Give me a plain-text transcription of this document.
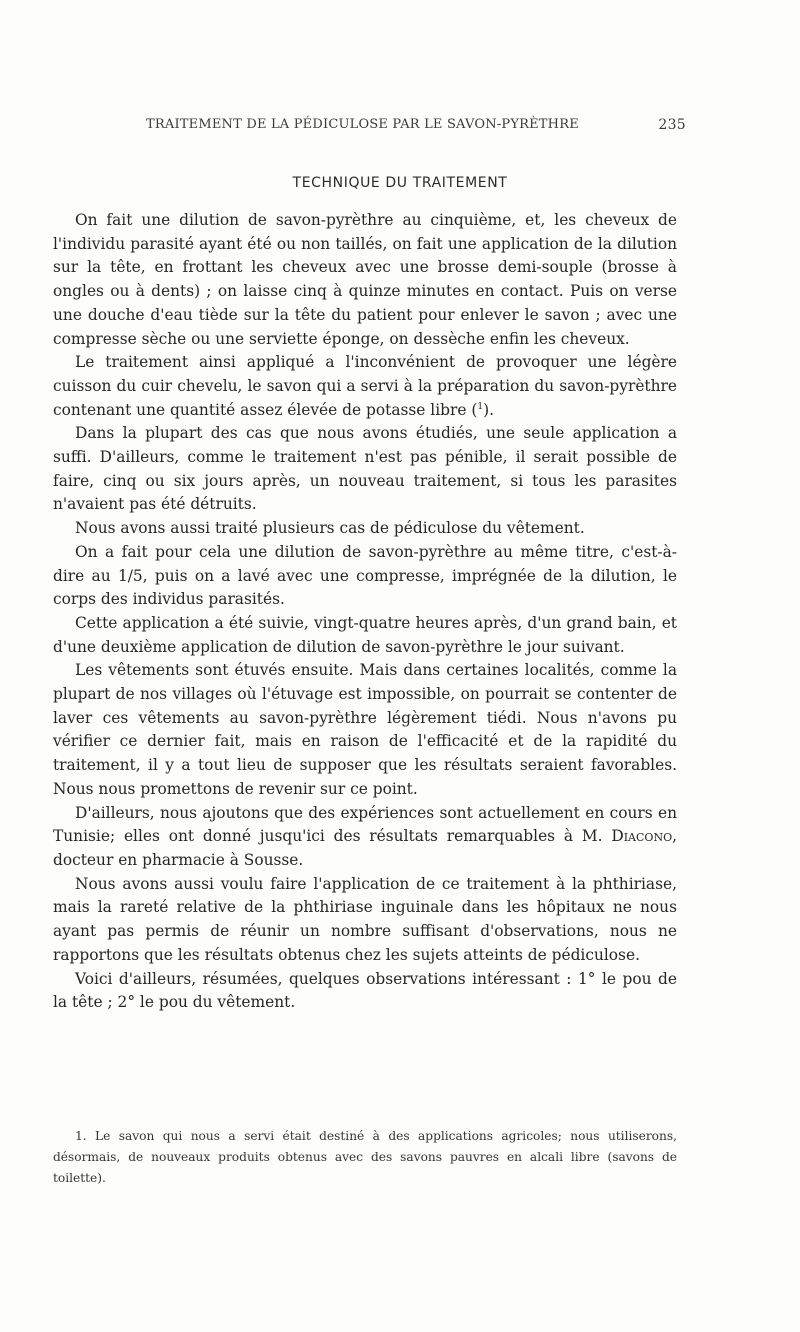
TRAITEMENT DE LA PÉDICULOSE PAR LE SAVON-PYRÈTHRE	235
TECHNIQUE DU TRAITEMENT

On fait une dilution de savon-pyrèthre au cinquième, et, les cheveux de l'individu parasité ayant été ou non taillés, on fait une application de la dilution sur la tête, en frottant les cheveux avec une brosse demi-souple (brosse à ongles ou à dents) ; on laisse cinq à quinze minutes en contact. Puis on verse une douche d'eau tiède sur la tête du patient pour enlever le savon ; avec une compresse sèche ou une serviette éponge, on dessèche enfin les cheveux.

Le traitement ainsi appliqué a l'inconvénient de provoquer une légère cuisson du cuir chevelu, le savon qui a servi à la préparation du savon-pyrèthre contenant une quantité assez élevée de potasse libre ($^1$).

Dans la plupart des cas que nous avons étudiés, une seule application a suffi. D'ailleurs, comme le traitement n'est pas pénible, il serait possible de faire, cinq ou six jours après, un nouveau traitement, si tous les parasites n'avaient pas été détruits.

Nous avons aussi traité plusieurs cas de pédiculose du vêtement.

On a fait pour cela une dilution de savon-pyrèthre au même titre, c'est-à-dire au 1/5, puis on a lavé avec une compresse, imprégnée de la dilution, le corps des individus parasités.

Cette application a été suivie, vingt-quatre heures après, d'un grand bain, et d'une deuxième application de dilution de savon-pyrèthre le jour suivant.

Les vêtements sont étuvés ensuite. Mais dans certaines localités, comme la plupart de nos villages où l'étuvage est impossible, on pourrait se contenter de laver ces vêtements au savon-pyrèthre légèrement tiédi. Nous n'avons pu vérifier ce dernier fait, mais en raison de l'efficacité et de la rapidité du traitement, il y a tout lieu de supposer que les résultats seraient favorables. Nous nous promettons de revenir sur ce point.

D'ailleurs, nous ajoutons que des expériences sont actuellement en cours en Tunisie; elles ont donné jusqu'ici des résultats remarquables à M. Diacono, docteur en pharmacie à Sousse.

Nous avons aussi voulu faire l'application de ce traitement à la phthiriase, mais la rareté relative de la phthiriase inguinale dans les hôpitaux ne nous ayant pas permis de réunir un nombre suffisant d'observations, nous ne rapportons que les résultats obtenus chez les sujets atteints de pédiculose.

Voici d'ailleurs, résumées, quelques observations intéressant : 1° le pou de la tête ; 2° le pou du vêtement.

1. Le savon qui nous a servi était destiné à des applications agricoles; nous utiliserons, désormais, de nouveaux produits obtenus avec des savons pauvres en alcali libre (savons de toilette).
